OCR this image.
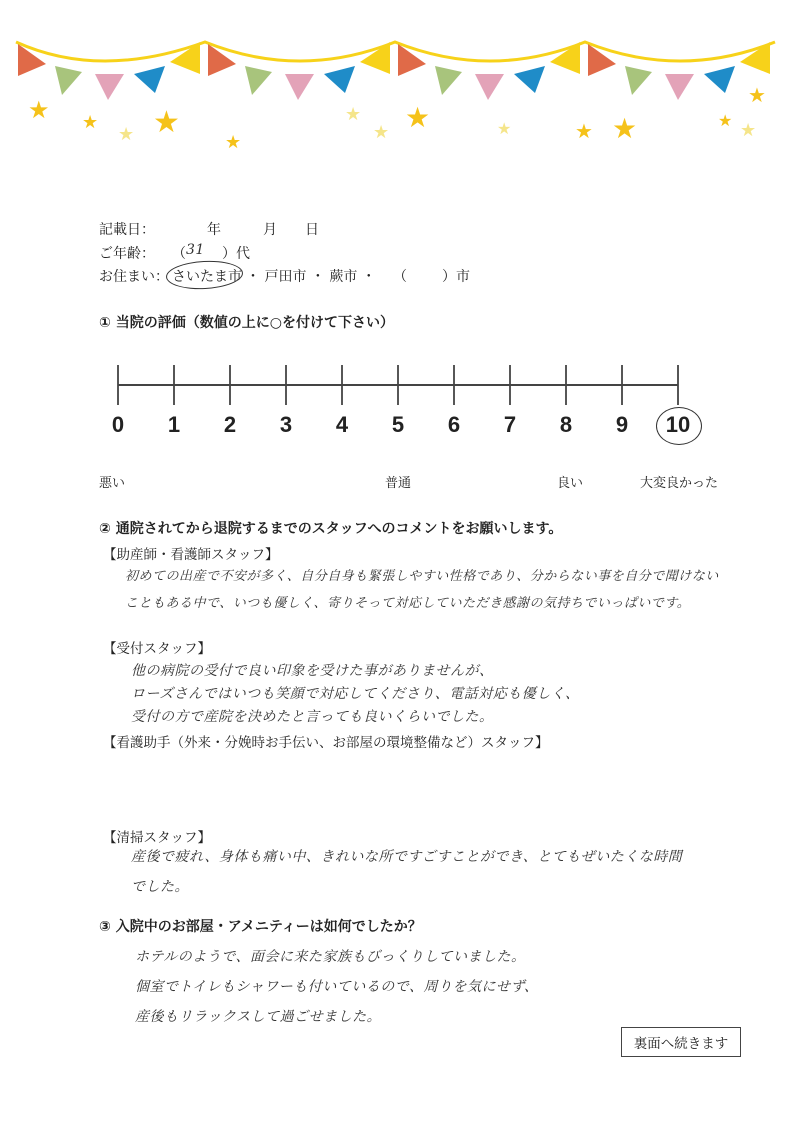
★ ★ ★
★
★	★ ★	★
★
★
★
★	★	★
記載日：	年	月 日
ご年齢： （ 31 ）代
お住まい： さいたま市 ・ 戸田市 ・ 蕨市 ・ （	）市
① 当院の評価（数値の上に○を付けて下さい）
0 1 2 3 4 5 6 7 8 9 10
悪い	普通	良い	大変良かった
② 通院されてから退院するまでのスタッフへのコメントをお願いします。
【助産師・看護師スタッフ】
初めての出産で不安が多く、自分自身も緊張しやすい性格であり、分からない事を自分で聞けない
こともある中で、いつも優しく、寄りそって対応していただき感謝の気持ちでいっぱいです。
【受付スタッフ】
他の病院の受付で良い印象を受けた事がありませんが、
ローズさんではいつも笑顔で対応してくださり、電話対応も優しく、
受付の方で産院を決めたと言っても良いくらいでした。
【看護助手（外来・分娩時お手伝い、お部屋の環境整備など）スタッフ】
【清掃スタッフ】
産後で疲れ、身体も痛い中、きれいな所ですごすことができ、とてもぜいたくな時間
でした。
③ 入院中のお部屋・アメニティーは如何でしたか？
ホテルのようで、面会に来た家族もびっくりしていました。
個室でトイレもシャワーも付いているので、周りを気にせず、
産後もリラックスして過ごせました。
裏面へ続きます
